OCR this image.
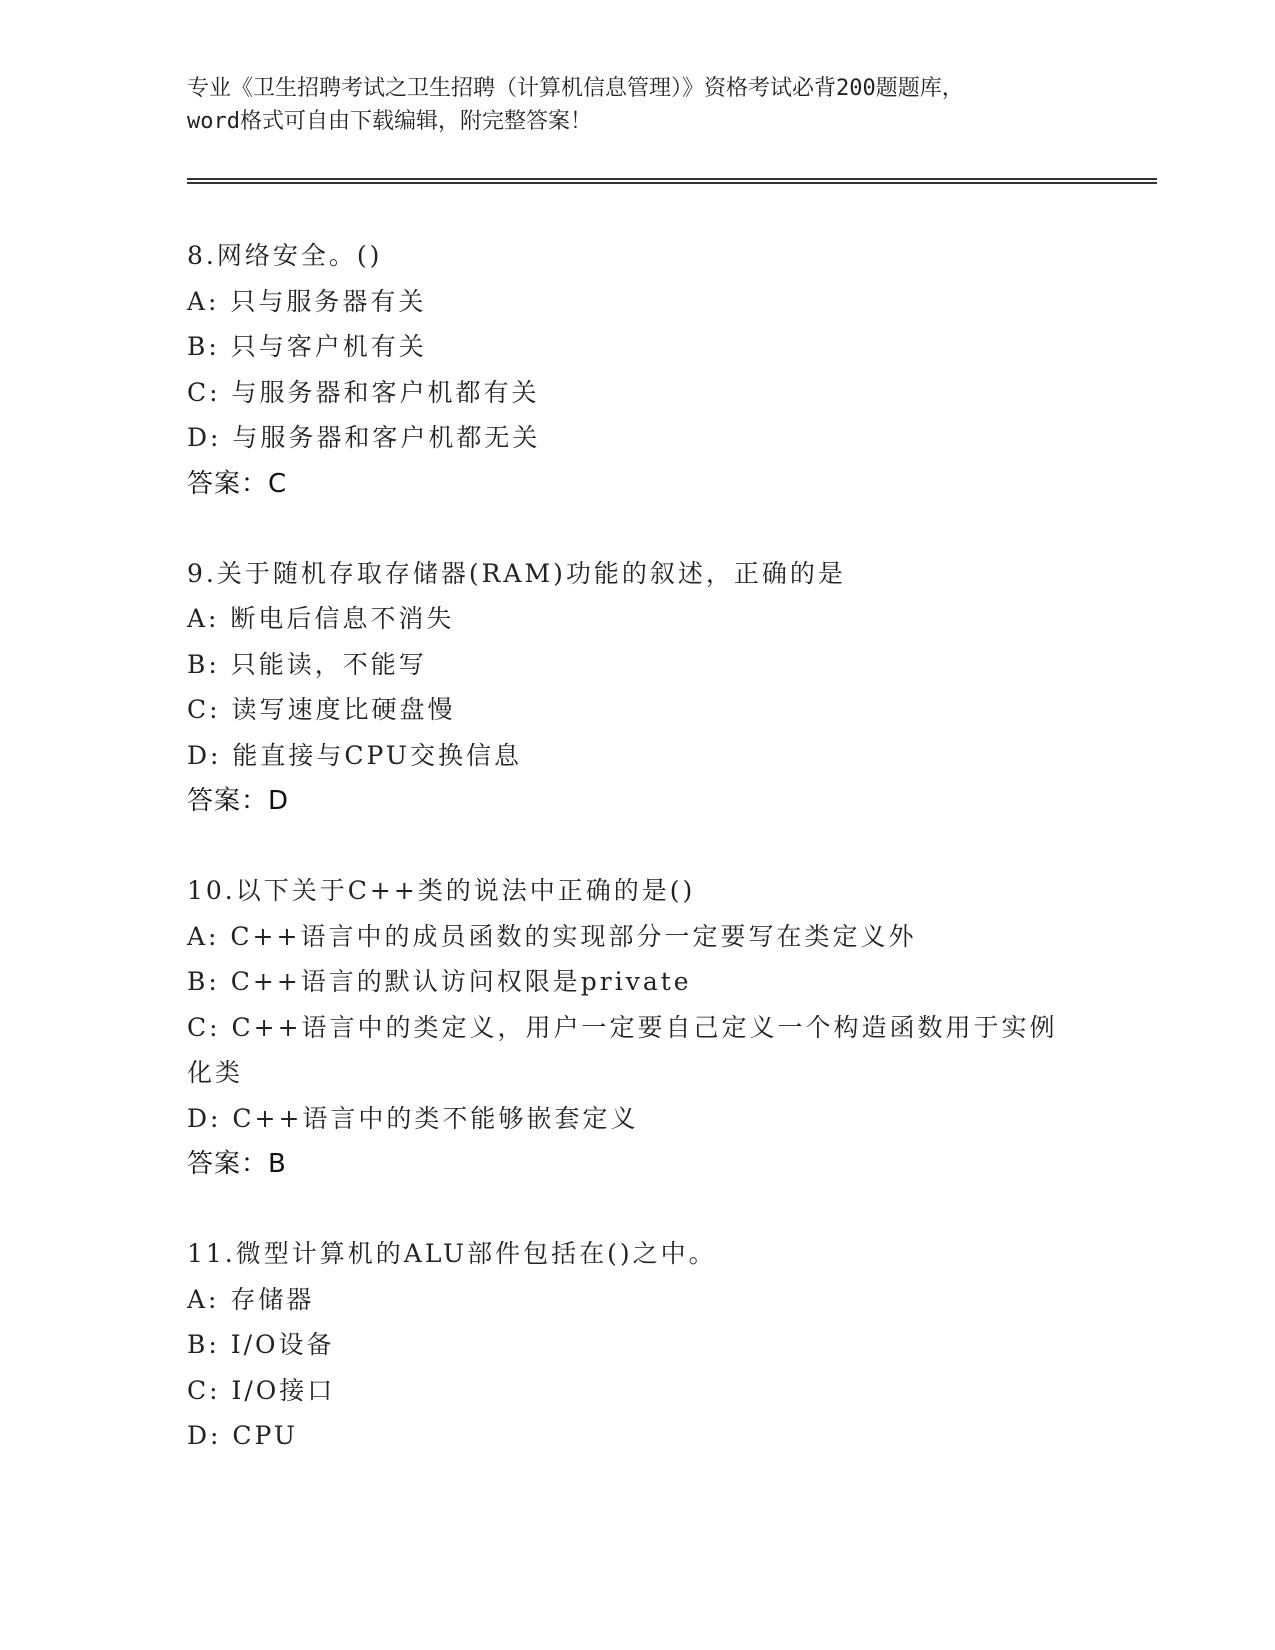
专业《卫生招聘考试之卫生招聘（计算机信息管理）》资格考试必背200题题库，
word格式可自由下载编辑，附完整答案！
8.网络安全。()
A: 只与服务器有关
B: 只与客户机有关
C: 与服务器和客户机都有关
D: 与服务器和客户机都无关
答案：C
9.关于随机存取存储器(RAM)功能的叙述，正确的是
A: 断电后信息不消失
B: 只能读，不能写
C: 读写速度比硬盘慢
D: 能直接与CPU交换信息
答案：D
10.以下关于C++类的说法中正确的是()
A: C++语言中的成员函数的实现部分一定要写在类定义外
B: C++语言的默认访问权限是private
C: C++语言中的类定义，用户一定要自己定义一个构造函数用于实例化类
D: C++语言中的类不能够嵌套定义
答案：B
11.微型计算机的ALU部件包括在()之中。
A: 存储器
B: I/O设备
C: I/O接口
D: CPU
